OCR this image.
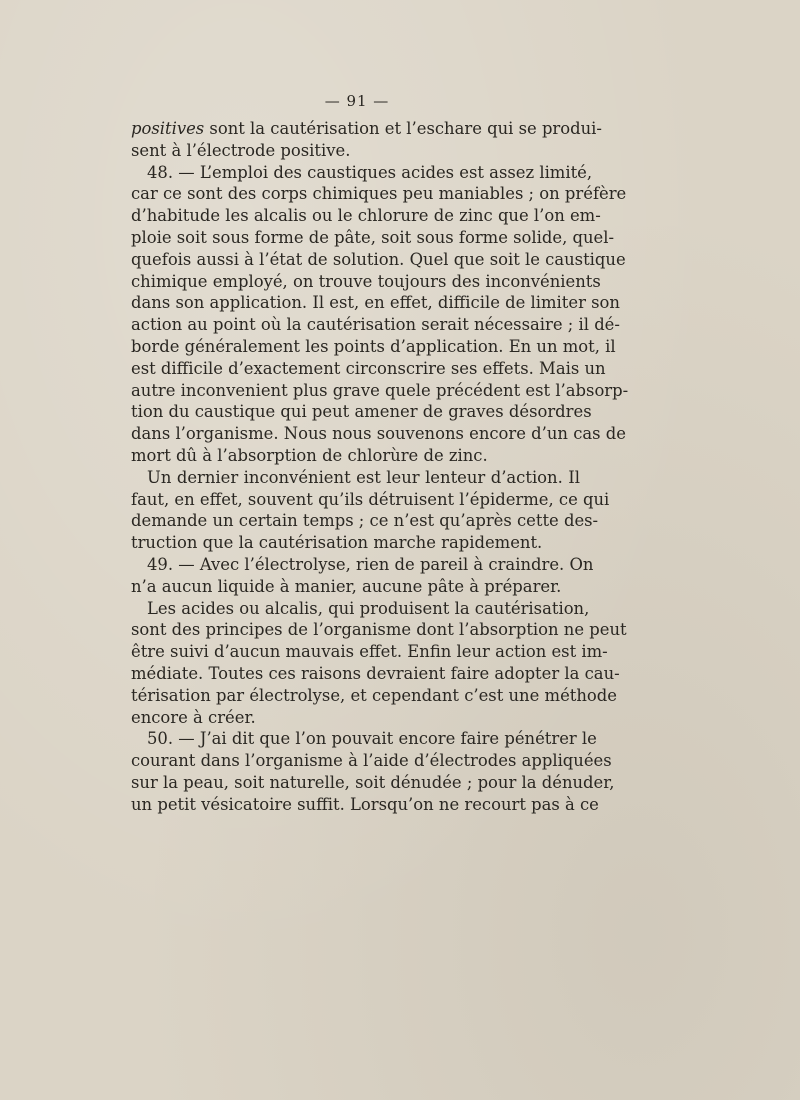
— 91 —
positives sont la cautérisation et l’eschare qui se produi-
sent à l’électrode positive.
48. — L’emploi des caustiques acides est assez limité,
car ce sont des corps chimiques peu maniables ; on préfère
d’habitude les alcalis ou le chlorure de zinc que l’on em-
ploie soit sous forme de pâte, soit sous forme solide, quel-
quefois aussi à l’état de solution. Quel que soit le caustique
chimique employé, on trouve toujours des inconvénients
dans son application. Il est, en effet, difficile de limiter son
action au point où la cautérisation serait nécessaire ; il dé-
borde généralement les points d’application. En un mot, il
est difficile d’exactement circonscrire ses effets. Mais un
autre inconvenient plus grave quele précédent est l’absorp-
tion du caustique qui peut amener de graves désordres
dans l’organisme. Nous nous souvenons encore d’un cas de
mort dû à l’absorption de chlorùre de zinc.
Un dernier inconvénient est leur lenteur d’action. Il
faut, en effet, souvent qu’ils détruisent l’épiderme, ce qui
demande un certain temps ; ce n’est qu’après cette des-
truction que la cautérisation marche rapidement.
49. — Avec l’électrolyse, rien de pareil à craindre. On
n’a aucun liquide à manier, aucune pâte à préparer.
Les acides ou alcalis, qui produisent la cautérisation,
sont des principes de l’organisme dont l’absorption ne peut
être suivi d’aucun mauvais effet. Enfin leur action est im-
médiate. Toutes ces raisons devraient faire adopter la cau-
térisation par électrolyse, et cependant c’est une méthode
encore à créer.
50. — J’ai dit que l’on pouvait encore faire pénétrer le
courant dans l’organisme à l’aide d’électrodes appliquées
sur la peau, soit naturelle, soit dénudée ; pour la dénuder,
un petit vésicatoire suffit. Lorsqu’on ne recourt pas à ce
